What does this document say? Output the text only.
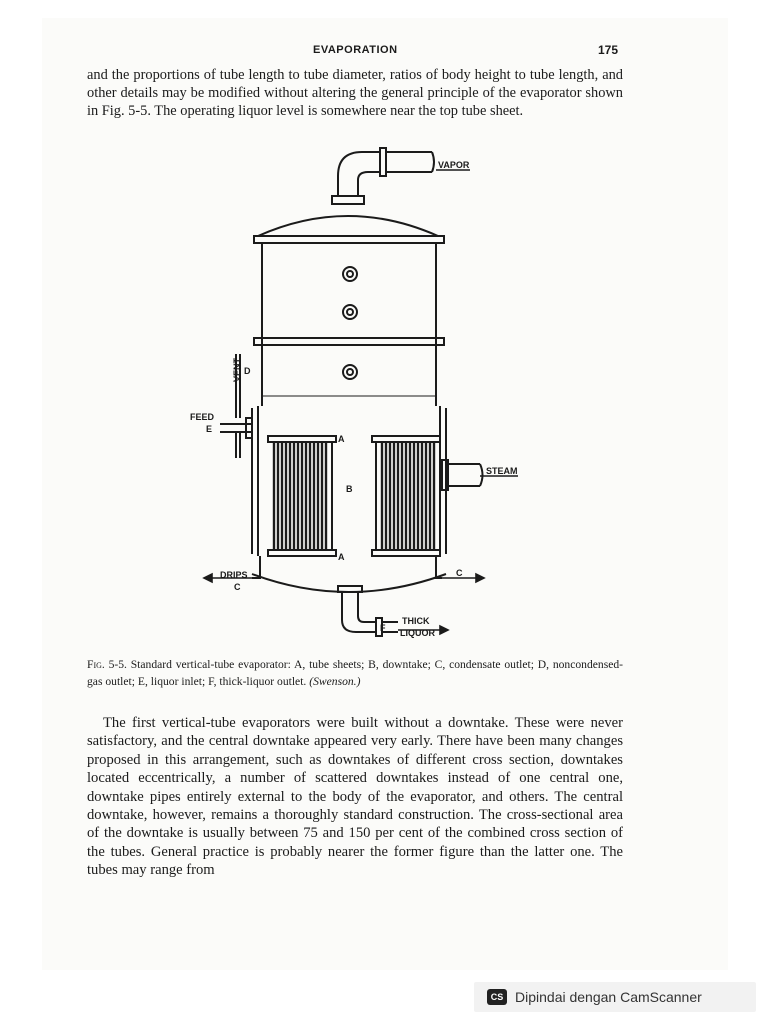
EVAPORATION	175

and the proportions of tube length to tube diameter, ratios of body height to tube length, and other details may be modified without altering the general principle of the evaporator shown in Fig. 5-5. The operating liquor level is somewhere near the top tube sheet.

VAPOR
VENT D
FEED
E
A
B
A
STEAM
DRIPS
C
C
F
THICK
LIQUOR

Fig. 5-5. Standard vertical-tube evaporator: A, tube sheets; B, downtake; C, condensate outlet; D, noncondensed-gas outlet; E, liquor inlet; F, thick-liquor outlet. (Swenson.)

The first vertical-tube evaporators were built without a downtake. These were never satisfactory, and the central downtake appeared very early. There have been many changes proposed in this arrangement, such as downtakes of different cross section, downtakes located eccentrically, a number of scattered downtakes instead of one central one, downtake pipes entirely external to the body of the evaporator, and others. The central downtake, however, remains a thoroughly standard construction. The cross-sectional area of the downtake is usually between 75 and 150 per cent of the combined cross section of the tubes. General practice is probably nearer the former figure than the latter one. The tubes may range from

CS Dipindai dengan CamScanner
